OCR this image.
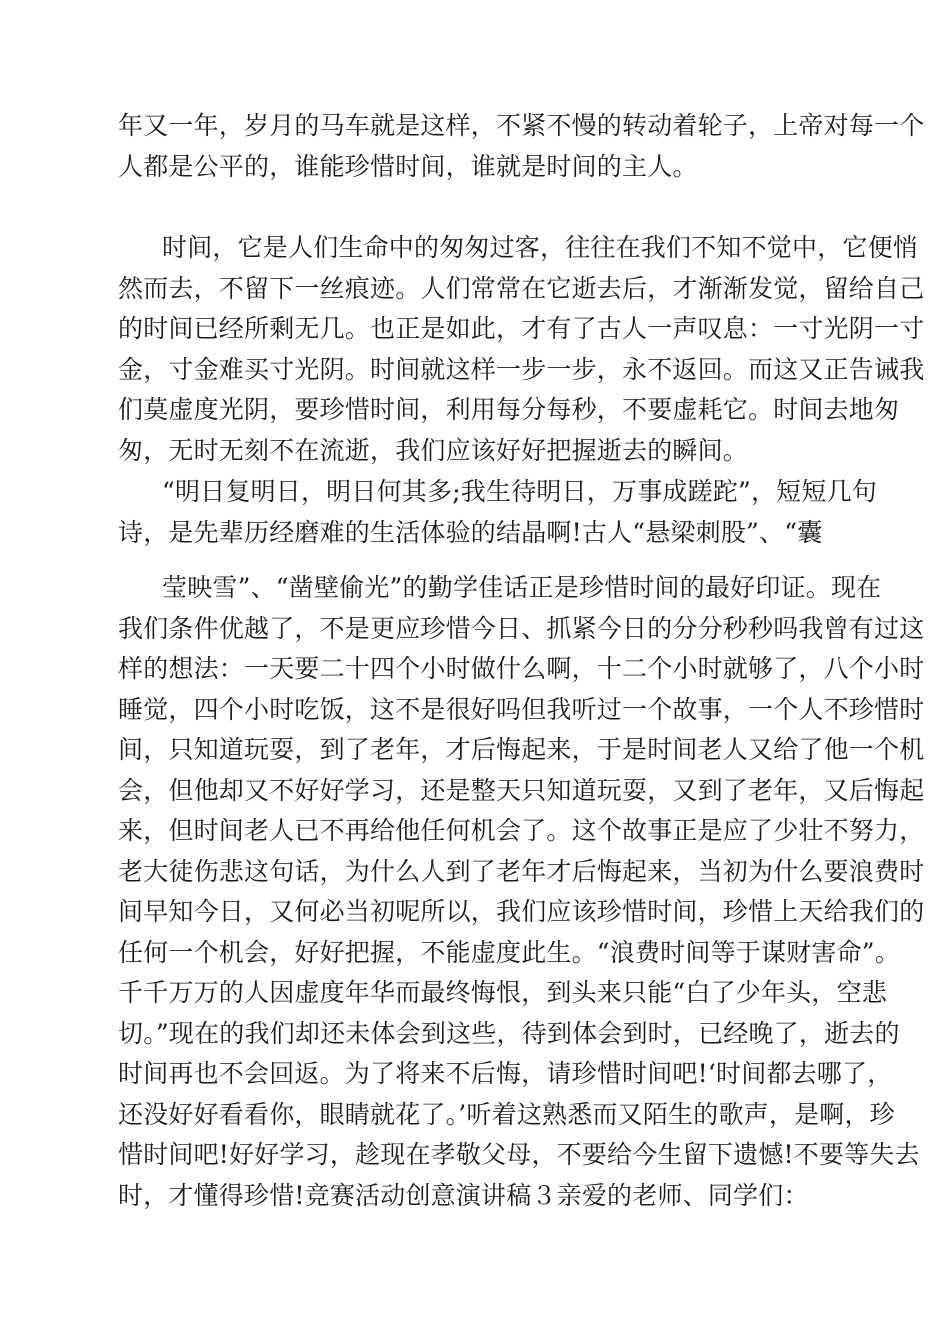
年又一年，岁月的马车就是这样，不紧不慢的转动着轮子，上帝对每一个
人都是公平的，谁能珍惜时间，谁就是时间的主人。
时间，它是人们生命中的匆匆过客，往往在我们不知不觉中，它便悄
然而去，不留下一丝痕迹。人们常常在它逝去后，才渐渐发觉，留给自己
的时间已经所剩无几。也正是如此，才有了古人一声叹息：一寸光阴一寸
金，寸金难买寸光阴。时间就这样一步一步，永不返回。而这又正告诫我
们莫虚度光阴，要珍惜时间，利用每分每秒，不要虚耗它。时间去地匆
匆，无时无刻不在流逝，我们应该好好把握逝去的瞬间。
“明日复明日，明日何其多;我生待明日，万事成蹉跎”，短短几句
诗，是先辈历经磨难的生活体验的结晶啊!古人“悬梁刺股”、“囊
莹映雪”、“凿壁偷光”的勤学佳话正是珍惜时间的最好印证。现在
我们条件优越了，不是更应珍惜今日、抓紧今日的分分秒秒吗我曾有过这
样的想法：一天要二十四个小时做什么啊，十二个小时就够了，八个小时
睡觉，四个小时吃饭，这不是很好吗但我听过一个故事，一个人不珍惜时
间，只知道玩耍，到了老年，才后悔起来，于是时间老人又给了他一个机
会，但他却又不好好学习，还是整天只知道玩耍，又到了老年，又后悔起
来，但时间老人已不再给他任何机会了。这个故事正是应了少壮不努力，
老大徒伤悲这句话，为什么人到了老年才后悔起来，当初为什么要浪费时
间早知今日，又何必当初呢所以，我们应该珍惜时间，珍惜上天给我们的
任何一个机会，好好把握，不能虚度此生。“浪费时间等于谋财害命”。
千千万万的人因虚度年华而最终悔恨，到头来只能“白了少年头，空悲
切。”现在的我们却还未体会到这些，待到体会到时，已经晚了，逝去的
时间再也不会回返。为了将来不后悔，请珍惜时间吧!‘时间都去哪了，
还没好好看看你，眼睛就花了。’听着这熟悉而又陌生的歌声，是啊，珍
惜时间吧!好好学习，趁现在孝敬父母，不要给今生留下遗憾!不要等失去
时，才懂得珍惜!竞赛活动创意演讲稿３亲爱的老师、同学们：
